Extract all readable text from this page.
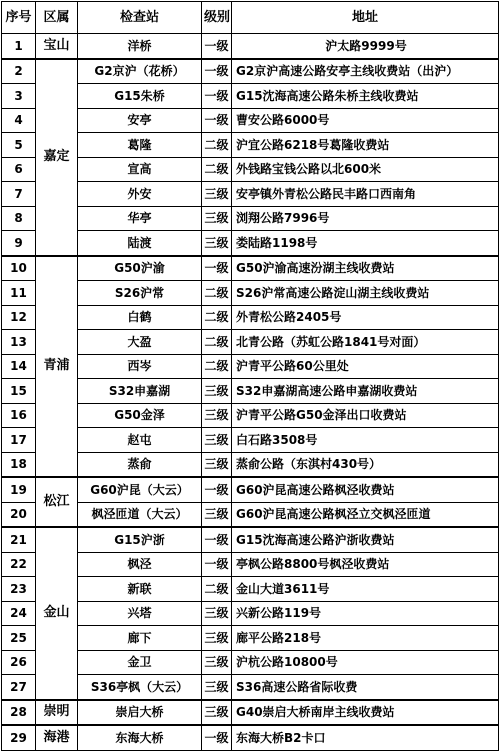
序号	区属	检查站	级别	地址
1	宝山	洋桥	一级	沪太路9999号
2	嘉定	G2京沪（花桥）	一级	G2京沪高速公路安亭主线收费站（出沪）
3		G15朱桥	一级	G15沈海高速公路朱桥主线收费站
4		安亭	一级	曹安公路6000号
5		葛隆	二级	沪宜公路6218号葛隆收费站
6		宣高	二级	外钱路宝钱公路以北600米
7		外安	三级	安亭镇外青松公路民丰路口西南角
8		华亭	三级	浏翔公路7996号
9		陆渡	三级	娄陆路1198号
10	青浦	G50沪渝	一级	G50沪渝高速汾湖主线收费站
11		S26沪常	二级	S26沪常高速公路淀山湖主线收费站
12		白鹤	二级	外青松公路2405号
13		大盈	二级	北青公路（苏虹公路1841号对面）
14		西岑	二级	沪青平公路60公里处
15		S32申嘉湖	三级	S32申嘉湖高速公路申嘉湖收费站
16		G50金泽	三级	沪青平公路G50金泽出口收费站
17		赵屯	三级	白石路3508号
18		蒸俞	三级	蒸俞公路（东淇村430号）
19	松江	G60沪昆（大云）	一级	G60沪昆高速公路枫泾收费站
20		枫泾匝道（大云）	三级	G60沪昆高速公路枫泾立交枫泾匝道
21	金山	G15沪浙	一级	G15沈海高速公路沪浙收费站
22		枫泾	一级	亭枫公路8800号枫泾收费站
23		新联	二级	金山大道3611号
24		兴塔	三级	兴新公路119号
25		廊下	三级	廊平公路218号
26		金卫	三级	沪杭公路10800号
27		S36亭枫（大云）	三级	S36高速公路省际收费
28	崇明	崇启大桥	三级	G40崇启大桥南岸主线收费站
29	海港	东海大桥	一级	东海大桥B2卡口
